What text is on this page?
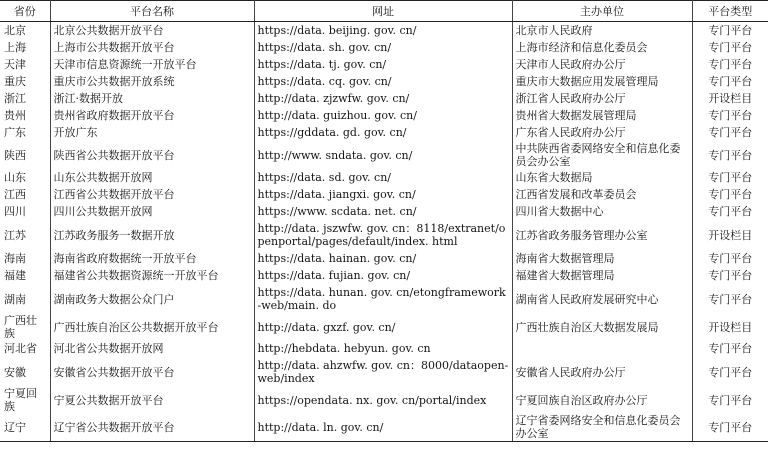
省份	平台名称	网址	主办单位	平台类型
北京	北京公共数据开放平台	https://data. beijing. gov. cn/	北京市人民政府	专门平台
上海	上海市公共数据开放平台	https://data. sh. gov. cn/	上海市经济和信息化委员会	专门平台
天津	天津市信息资源统一开放平台	https://data. tj. gov. cn/	天津市人民政府办公厅	专门平台
重庆	重庆市公共数据开放系统	https://data. cq. gov. cn/	重庆市大数据应用发展管理局	专门平台
浙江	浙江·数据开放	http://data. zjzwfw. gov. cn/	浙江省人民政府办公厅	开设栏目
贵州	贵州省政府数据开放平台	http://data. guizhou. gov. cn/	贵州省大数据发展管理局	专门平台
广东	开放广东	https://gddata. gd. gov. cn/	广东省人民政府办公厅	专门平台
陕西	陕西省公共数据开放平台	http://www. sndata. gov. cn/	中共陕西省委网络安全和信息化委员会办公室	专门平台
山东	山东公共数据开放网	https://data. sd. gov. cn/	山东省大数据局	专门平台
江西	江西省公共数据开放平台	https://data. jiangxi. gov. cn/	江西省发展和改革委员会	专门平台
四川	四川公共数据开放网	https://www. scdata. net. cn/	四川省大数据中心	专门平台
江苏	江苏政务服务一数据开放	http://data. jszwfw. gov. cn：8118/extranet/openportal/pages/default/index. html	江苏省政务服务管理办公室	开设栏目
海南	海南省政府数据统一开放平台	https://data. hainan. gov. cn/	海南省大数据管理局	专门平台
福建	福建省公共数据资源统一开放平台	https://data. fujian. gov. cn/	福建省大数据管理局	专门平台
湖南	湖南政务大数据公众门户	https://data. hunan. gov. cn/etongframework-web/main. do	湖南省人民政府发展研究中心	专门平台
广西壮族	广西壮族自治区公共数据开放平台	http://data. gxzf. gov. cn/	广西壮族自治区大数据发展局	开设栏目
河北省	河北省公共数据开放网	http://hebdata. hebyun. gov. cn		专门平台
安徽	安徽省公共数据开放平台	http://data. ahzwfw. gov. cn：8000/dataopen-web/index	安徽省人民政府办公厅	专门平台
宁夏回族	宁夏公共数据开放平台	https://opendata. nx. gov. cn/portal/index	宁夏回族自治区政府办公厅	专门平台
辽宁	辽宁省公共数据开放平台	http://data. ln. gov. cn/	辽宁省委网络安全和信息化委员会办公室	专门平台
